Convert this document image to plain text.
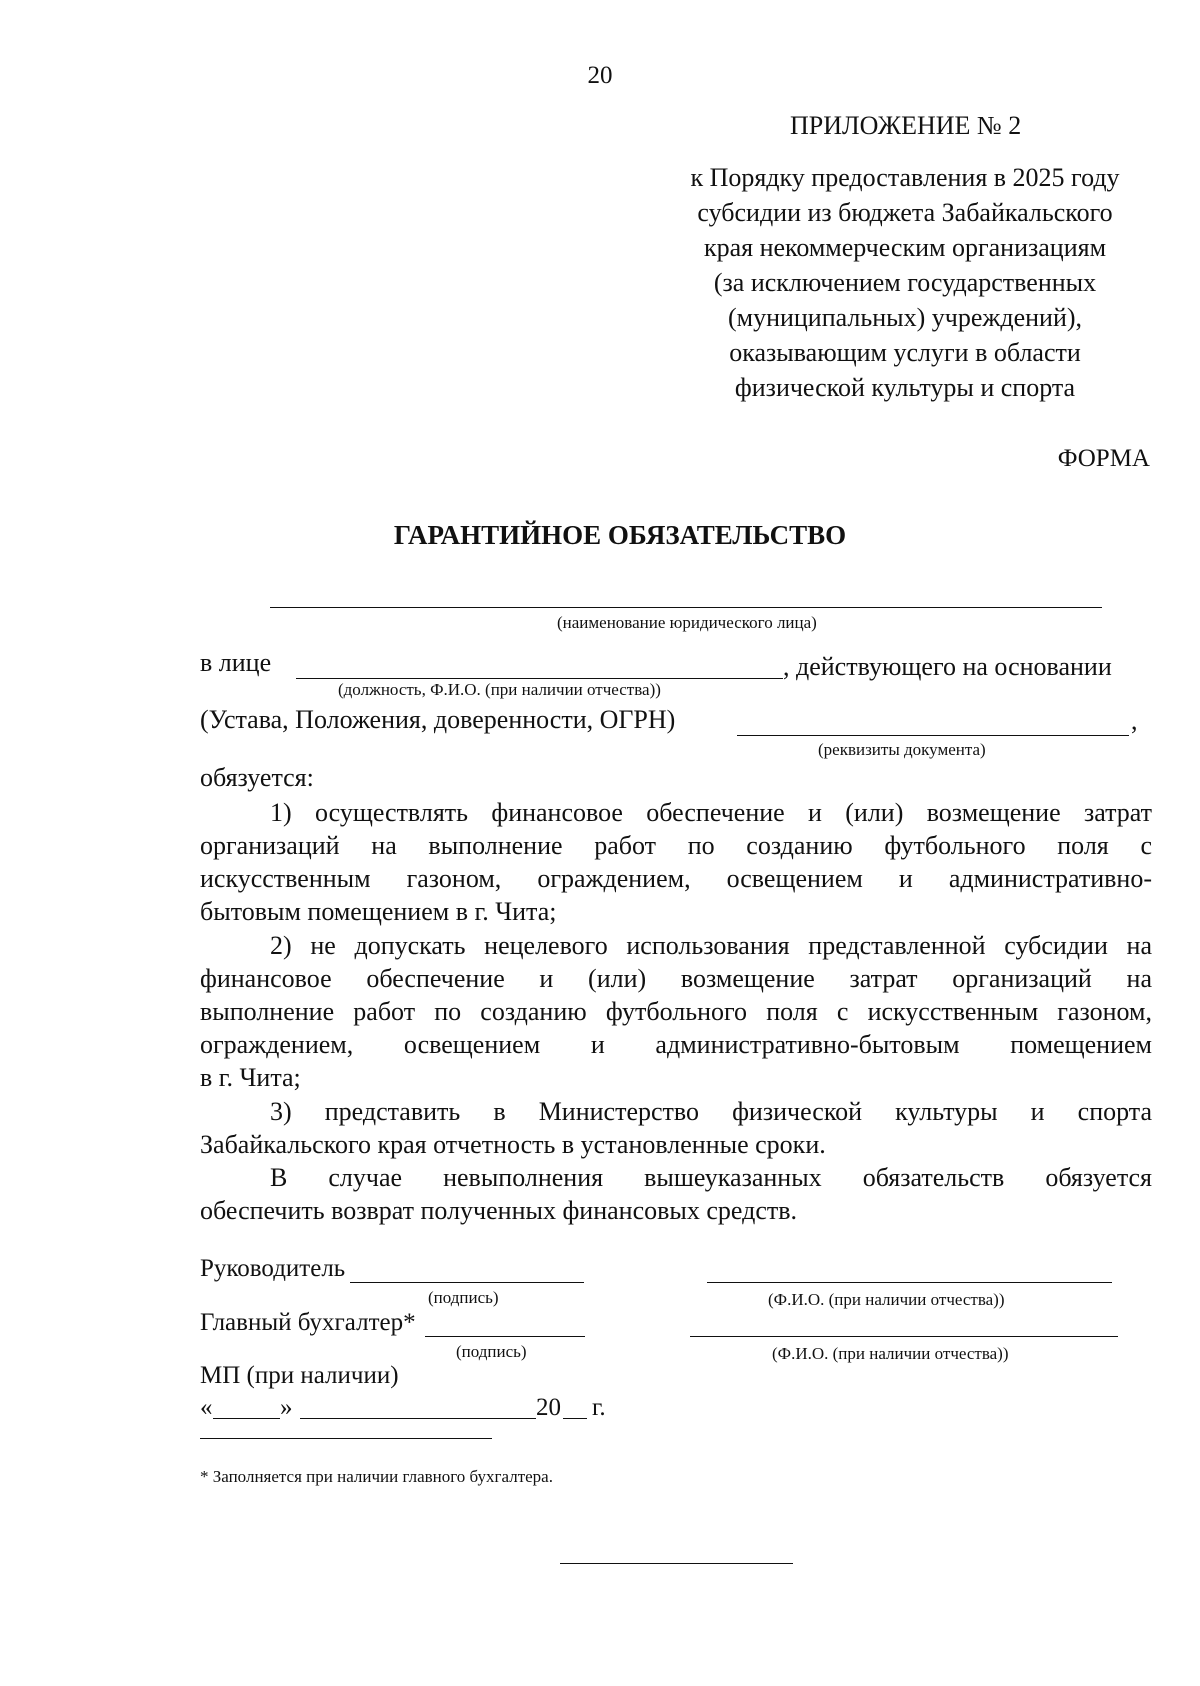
20
ПРИЛОЖЕНИЕ № 2
к Порядку предоставления в 2025 году
субсидии из бюджета Забайкальского
края некоммерческим организациям
(за исключением государственных
(муниципальных) учреждений),
оказывающим услуги в области
физической культуры и спорта
ФОРМА
ГАРАНТИЙНОЕ ОБЯЗАТЕЛЬСТВО
(наименование юридического лица)
в лице	, действующего на основании
(должность, Ф.И.О. (при наличии отчества))
(Устава, Положения, доверенности, ОГРН)	,
(реквизиты документа)
обязуется:
1) осуществлять финансовое обеспечение и (или) возмещение затрат
организаций на выполнение работ по созданию футбольного поля с
искусственным газоном, ограждением, освещением и административно-
бытовым помещением в г. Чита;
2) не допускать нецелевого использования представленной субсидии на
финансовое обеспечение и (или) возмещение затрат организаций на
выполнение работ по созданию футбольного поля с искусственным газоном,
ограждением, освещением и административно-бытовым помещением
в г. Чита;
3) представить в Министерство физической культуры и спорта
Забайкальского края отчетность в установленные сроки.
В случае невыполнения вышеуказанных обязательств обязуется
обеспечить возврат полученных финансовых средств.
Руководитель
(подпись)	(Ф.И.О. (при наличии отчества))
Главный бухгалтер*
(подпись)	(Ф.И.О. (при наличии отчества))
МП (при наличии)
«	»	20 г.
* Заполняется при наличии главного бухгалтера.
